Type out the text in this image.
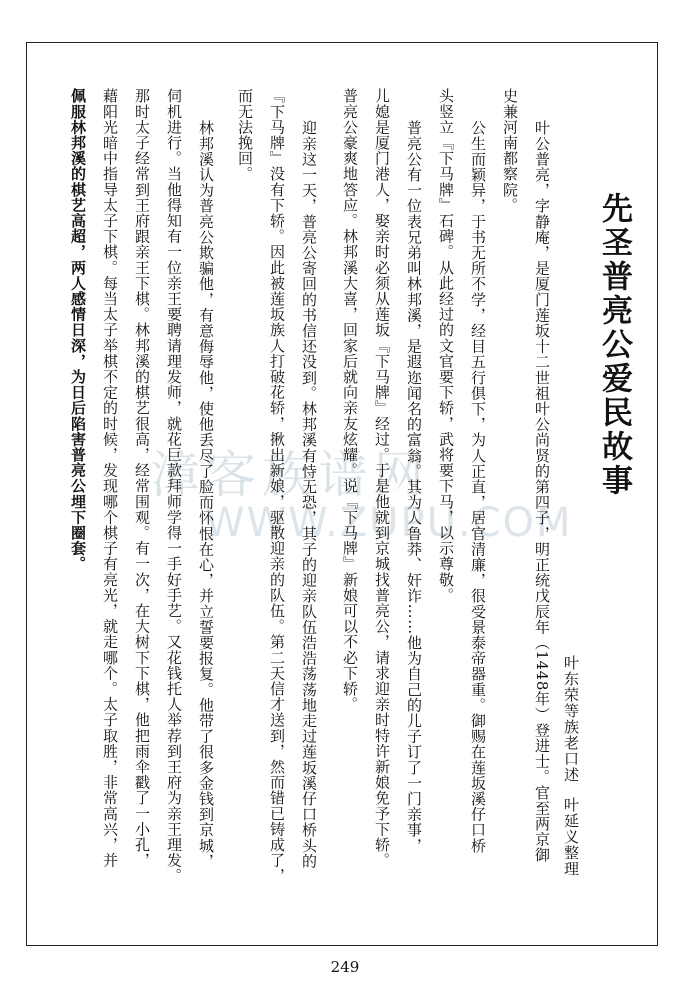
漳客族谱网
WWW.ZUPU.COM
先圣普亮公爱民故事
叶东荣等族老口述叶延义整理
叶公普亮，字静庵，是厦门莲坂十二世祖叶公尚贤的第四子，明正统戊辰年（1448年）登进士。官至两京御
史兼河南都察院。
公生而颖异，于书无所不学，经目五行俱下，为人正直，居官清廉，很受景泰帝器重。御赐在莲坂溪仔口桥
头竖立『下马牌』石碑。从此经过的文官要下轿，武将要下马，以示尊敬。
普亮公有一位表兄弟叫林邦溪，是遐迩闻名的富翁。其为人鲁莽、奸诈……他为自己的儿子订了一门亲事，
儿媳是厦门港人，娶亲时必须从莲坂『下马牌』经过。于是他就到京城找普亮公，请求迎亲时特许新娘免予下轿。
普亮公豪爽地答应。林邦溪大喜，回家后就向亲友炫耀。说『下马牌』新娘可以不必下轿。
迎亲这一天，普亮公寄回的书信还没到。林邦溪有恃无恐，其子的迎亲队伍浩浩荡荡地走过莲坂溪仔口桥头的
『下马牌』没有下轿。因此被莲坂族人打破花轿，揪出新娘，驱散迎亲的队伍。第二天信才送到，然而错已铸成了，
而无法挽回。
林邦溪认为普亮公欺骗他，有意侮辱他，使他丢尽了脸而怀恨在心，并立誓要报复。他带了很多金钱到京城，
伺机进行。当他得知有一位亲王要聘请理发师，就花巨款拜师学得一手好手艺。又花钱托人举荐到王府为亲王理发。
那时太子经常到王府跟亲王下棋。林邦溪的棋艺很高，经常围观。有一次，在大树下下棋，他把雨伞戳了一小孔，
藉阳光暗中指导太子下棋。每当太子举棋不定的时候，发现哪个棋子有亮光，就走哪个。太子取胜，非常高兴，并
佩服林邦溪的棋艺高超，两人感情日深，为日后陷害普亮公埋下圈套。
249
